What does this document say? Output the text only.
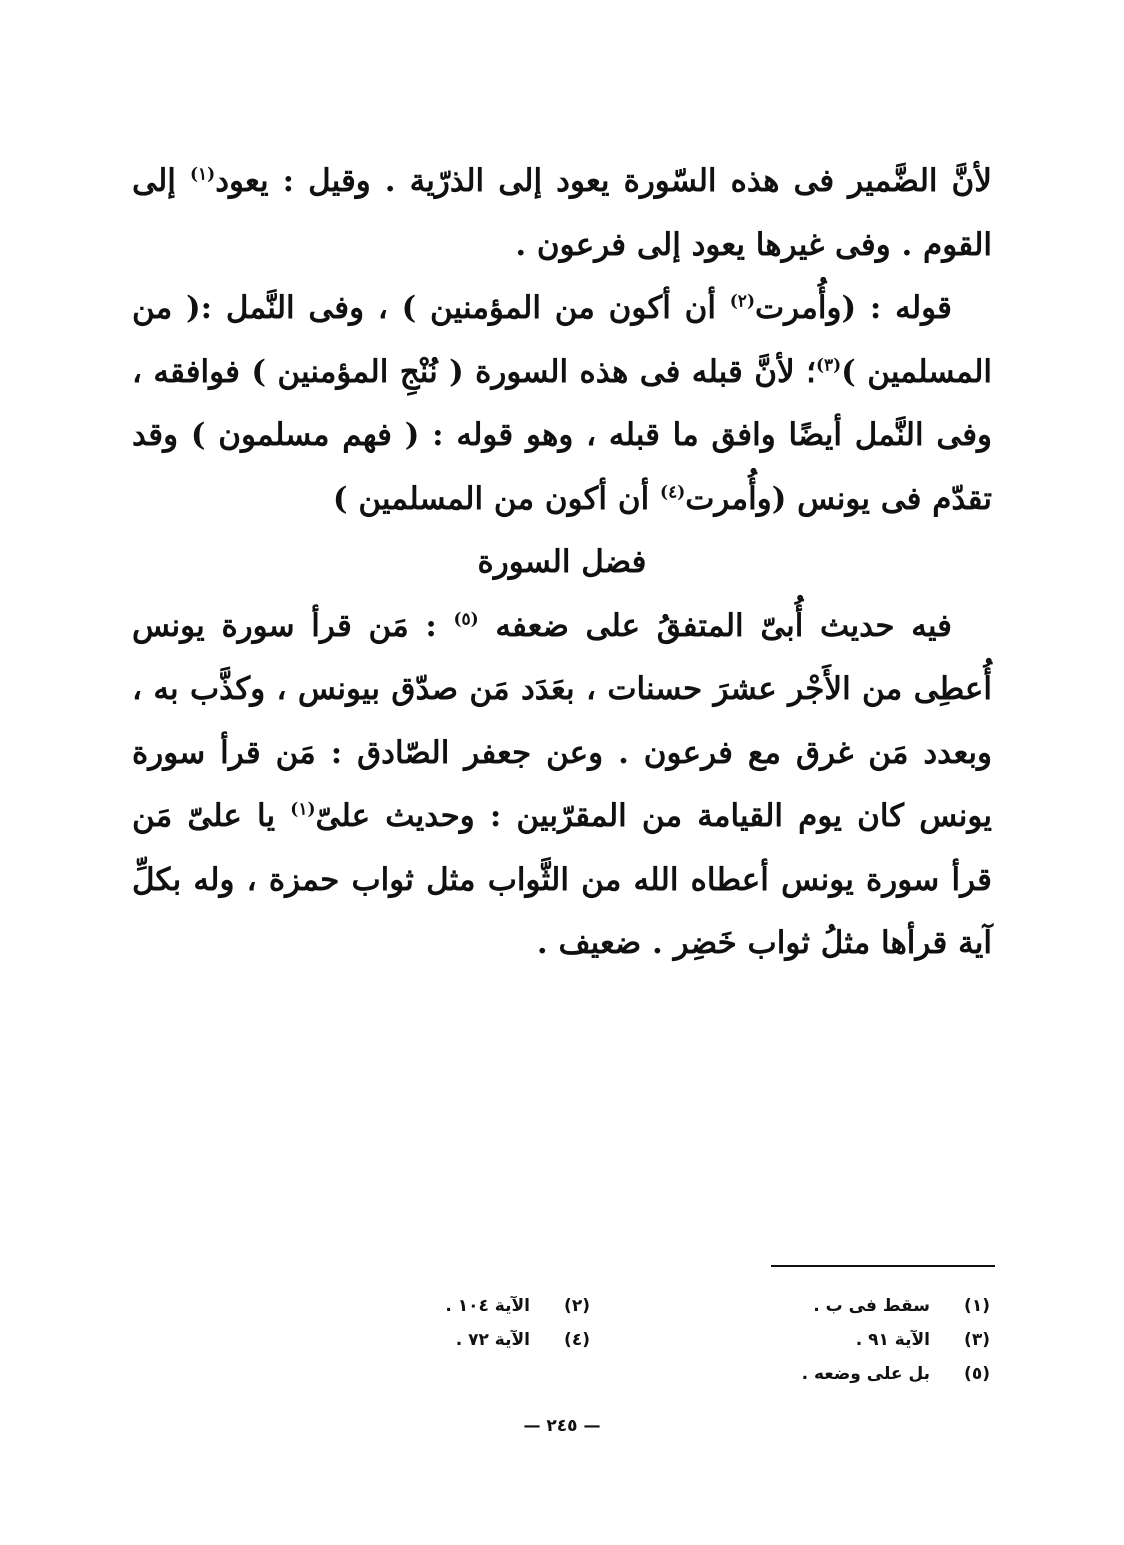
لأنَّ الضَّمير فى هذه السّورة يعود إلى الذرّية . وقيل : يعود$^{(١)}$ إلى القوم . وفى غيرها يعود إلى فرعون .

قوله : (وأُمرت$^{(٢)}$ أن أكون من المؤمنين ) ، وفى النَّمل :( من المسلمين )$^{(٣)}$؛ لأنَّ قبله فى هذه السورة ( نُنْجِ المؤمنين ) فوافقه ، وفى النَّمل أيضًا وافق ما قبله ، وهو قوله : ( فهم مسلمون ) وقد تقدّم فى يونس (وأُمرت$^{(٤)}$ أن أكون من المسلمين )

فضل السورة

فيه حديث أُبىّ المتفقُ على ضعفه $^{(٥)}$ : مَن قرأ سورة يونس أُعطِى من الأَجْر عشرَ حسنات ، بعَدَد مَن صدّق بيونس ، وكذَّب به ، وبعدد مَن غرق مع فرعون . وعن جعفر الصّادق : مَن قرأ سورة يونس كان يوم القيامة من المقرّبين : وحديث علىّ$^{(١)}$ يا علىّ مَن قرأ سورة يونس أعطاه الله من الثَّواب مثل ثواب حمزة ، وله بكلِّ آية قرأها مثلُ ثواب خَضِر . ضعيف .

(١)سقط فى ب .
(٢)الآية ١٠٤ .
(٣)الآية ٩١ .
(٤)الآية ٧٢ .
(٥)بل على وضعه .
— ٢٤٥ —
